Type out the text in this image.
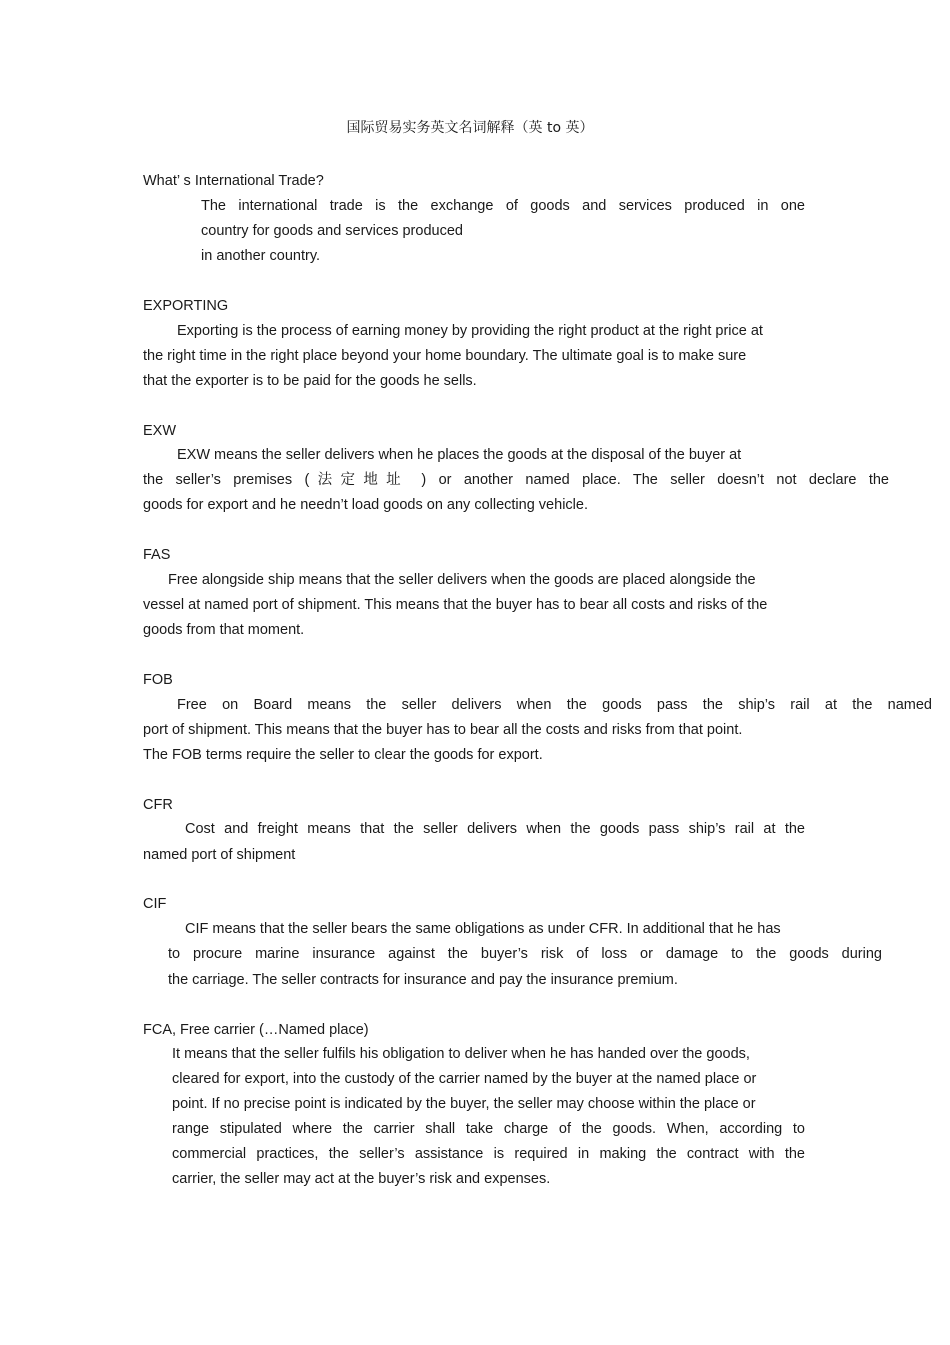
国际贸易实务英文名词解释（英 to 英）
What’ s International Trade?
The international trade is the exchange of goods and services produced in one
country for goods and services produced
in another country.
EXPORTING
Exporting is the process of earning money by providing the right product at the right price at
the right time in the right place beyond your home boundary. The ultimate goal is to make sure
that the exporter is to be paid for the goods he sells.
EXW
EXW means the seller delivers when he places the goods at the disposal of the buyer at
the seller’s premises (法定地址 ) or another named place. The seller doesn’t not declare the
goods for export and he needn’t load goods on any collecting vehicle.
FAS
Free alongside ship means that the seller delivers when the goods are placed alongside the
vessel at named port of shipment. This means that the buyer has to bear all costs and risks of the
goods from that moment.
FOB
Free on Board means the seller delivers when the goods pass the ship’s rail at the named
port of shipment. This means that the buyer has to bear all the costs and risks from that point.
The FOB terms require the seller to clear the goods for export.
CFR
Cost and freight means that the seller delivers when the goods pass ship’s rail at the
named port of shipment
CIF
CIF means that the seller bears the same obligations as under CFR. In additional that he has
to procure marine insurance against the buyer’s risk of loss or damage to the goods during
the carriage. The seller contracts for insurance and pay the insurance premium.
FCA, Free carrier (…Named place)
It means that the seller fulfils his obligation to deliver when he has handed over the goods,
cleared for export, into the custody of the carrier named by the buyer at the named place or
point. If no precise point is indicated by the buyer, the seller may choose within the place or
range stipulated where the carrier shall take charge of the goods. When, according to
commercial practices, the seller’s assistance is required in making the contract with the
carrier, the seller may act at the buyer’s risk and expenses.
